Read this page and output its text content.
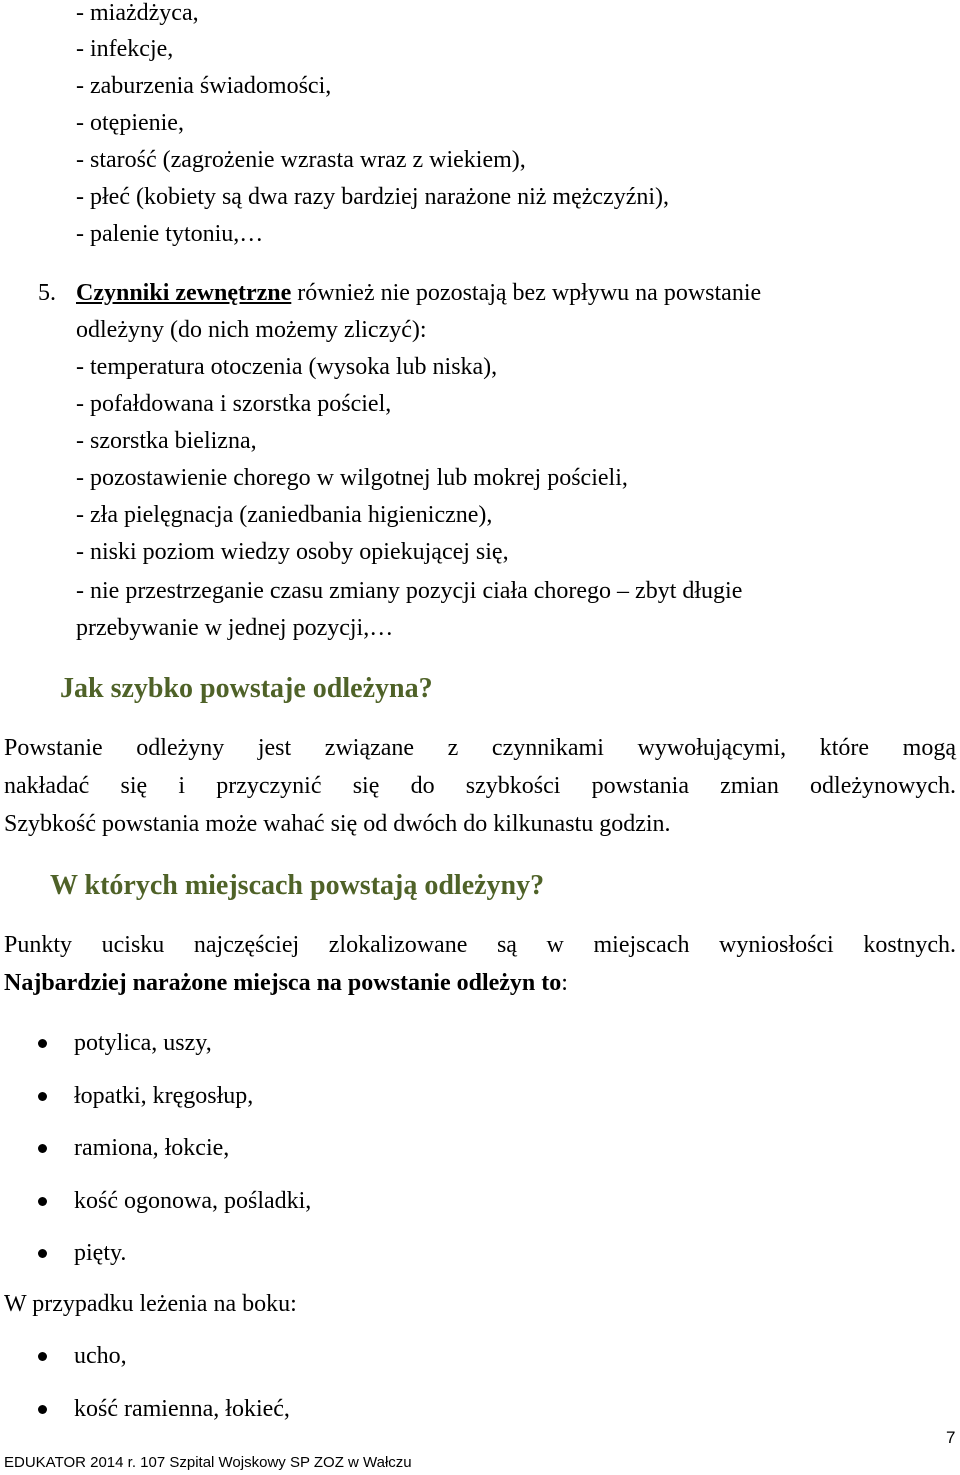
- miażdżyca,
- infekcje,
- zaburzenia świadomości,
- otępienie,
- starość (zagrożenie wzrasta wraz z wiekiem),
- płeć (kobiety są dwa razy bardziej narażone niż mężczyźni),
- palenie tytoniu,…
5. Czynniki zewnętrzne również nie pozostają bez wpływu na powstanie
odleżyny (do nich możemy zliczyć):
- temperatura otoczenia (wysoka lub niska),
- pofałdowana i szorstka pościel,
- szorstka bielizna,
- pozostawienie chorego w wilgotnej lub mokrej pościeli,
- zła pielęgnacja (zaniedbania higieniczne),
- niski poziom wiedzy osoby opiekującej się,
- nie przestrzeganie czasu zmiany pozycji ciała chorego – zbyt długie
przebywanie w jednej pozycji,…
Jak szybko powstaje odleżyna?
Powstanie odleżyny jest związane z czynnikami wywołującymi, które mogą
nakładać się i przyczynić się do szybkości powstania zmian odleżynowych.
Szybkość powstania może wahać się od dwóch do kilkunastu godzin.
W których miejscach powstają odleżyny?
Punkty ucisku najczęściej zlokalizowane są w miejscach wyniosłości kostnych.
Najbardziej narażone miejsca na powstanie odleżyn to:
potylica, uszy,
łopatki, kręgosłup,
ramiona, łokcie,
kość ogonowa, pośladki,
pięty.
W przypadku leżenia na boku:
ucho,
kość ramienna, łokieć,
7
EDUKATOR 2014 r. 107 Szpital Wojskowy SP ZOZ w Wałczu
